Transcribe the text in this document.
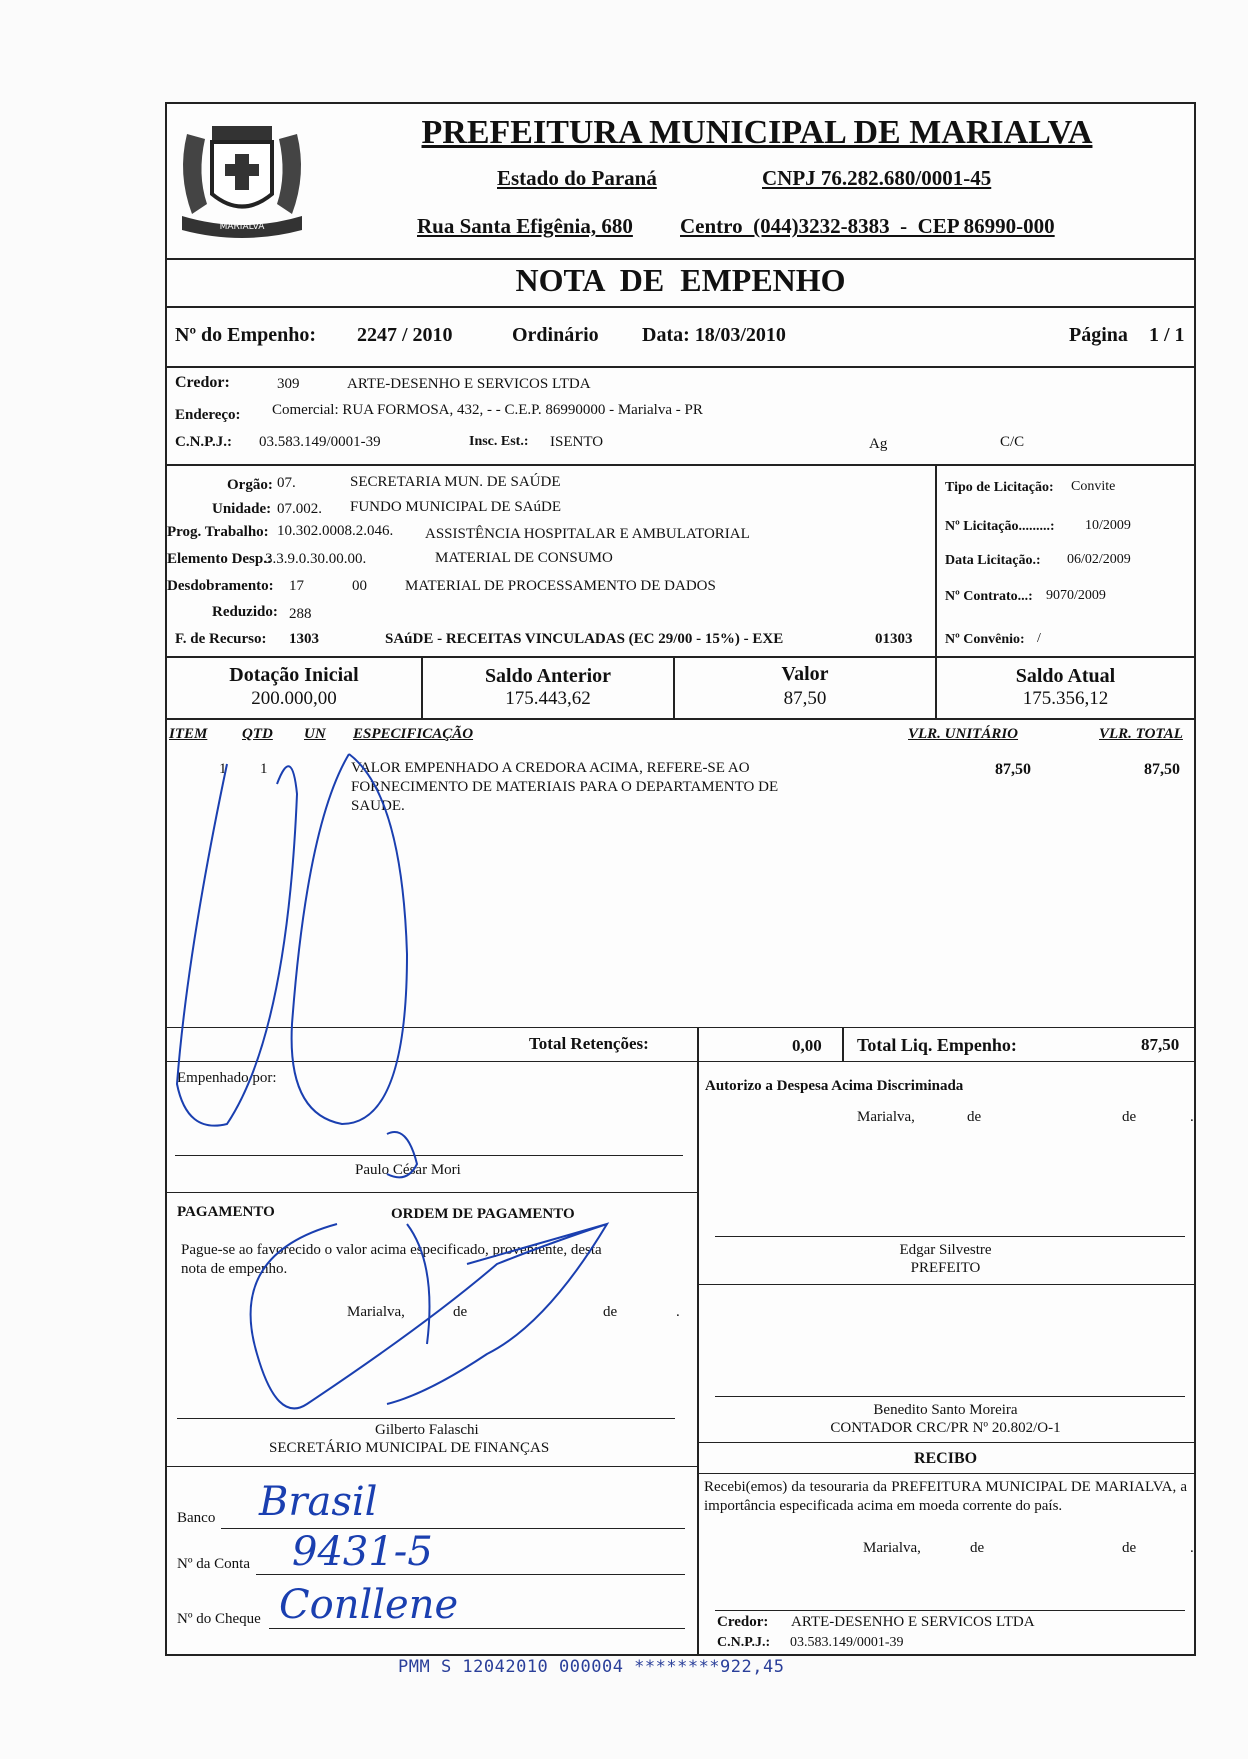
MARIALVA
PREFEITURA MUNICIPAL DE MARIALVA
Estado do Paraná	CNPJ 76.282.680/0001-45
Rua Santa Efigênia, 680 Centro  (044)3232-8383  -  CEP 86990-000
NOTA  DE  EMPENHO
Nº do Empenho: 2247 / 2010	Ordinário Data: 18/03/2010	Página 1 / 1
Credor:	309	ARTE-DESENHO E SERVICOS LTDA
Endereço: Comercial: RUA FORMOSA, 432, - - C.E.P. 86990000 - Marialva - PR
C.N.P.J.: 03.583.149/0001-39	Insc. Est.: ISENTO	Ag	C/C
Orgão: 07.	SECRETARIA MUN. DE SAÚDE
Unidade: 07.002. FUNDO MUNICIPAL DE SAúDE
Prog. Trabalho: 10.302.0008.2.046. ASSISTÊNCIA HOSPITALAR E AMBULATORIAL
Elemento Desp.:
3.3.9.0.30.00.00.	MATERIAL DE CONSUMO
Desdobramento: 17	00	MATERIAL DE PROCESSAMENTO DE DADOS
Reduzido: 288
F. de Recurso: 1303	SAúDE - RECEITAS VINCULADAS (EC 29/00 - 15%) - EXE	01303
Tipo de Licitação: Convite
Nº Licitação.........: 10/2009
Data Licitação.: 06/02/2009
Nº Contrato...: 9070/2009
Nº Convênio: /
Dotação Inicial
200.000,00
Saldo Anterior
175.443,62
Valor
87,50
Saldo Atual
175.356,12
ITEM QTD UN ESPECIFICAÇÃO	VLR. UNITÁRIO	VLR. TOTAL
1 1	VALOR EMPENHADO A CREDORA ACIMA, REFERE-SE AO
FORNECIMENTO DE MATERIAIS PARA O DEPARTAMENTO DE
SAUDE.
87,50	87,50
Total Retenções:	0,00 Total Liq. Empenho:	87,50
Empenhado por:
Paulo César Mori
PAGAMENTO	ORDEM DE PAGAMENTO
Pague-se ao favorecido o valor acima especificado, proveniente, desta
nota de empenho.
Marialva,	de	de	.
Gilberto Falaschi
SECRETÁRIO MUNICIPAL DE FINANÇAS
Banco Brasil
Nº da Conta 9431-5
Nº do Cheque Conllene
Autorizo a Despesa Acima Discriminada
Marialva,	de	de	.
Edgar Silvestre
PREFEITO
Benedito Santo Moreira
CONTADOR CRC/PR Nº 20.802/O-1
RECIBO
Recebi(emos) da tesouraria da PREFEITURA MUNICIPAL DE MARIALVA, a importância especificada acima em moeda corrente do país.
Marialva,	de	de	.
Credor: ARTE-DESENHO E SERVICOS LTDA
C.N.P.J.: 03.583.149/0001-39
PMM S 12042010 000004 ********922,45
